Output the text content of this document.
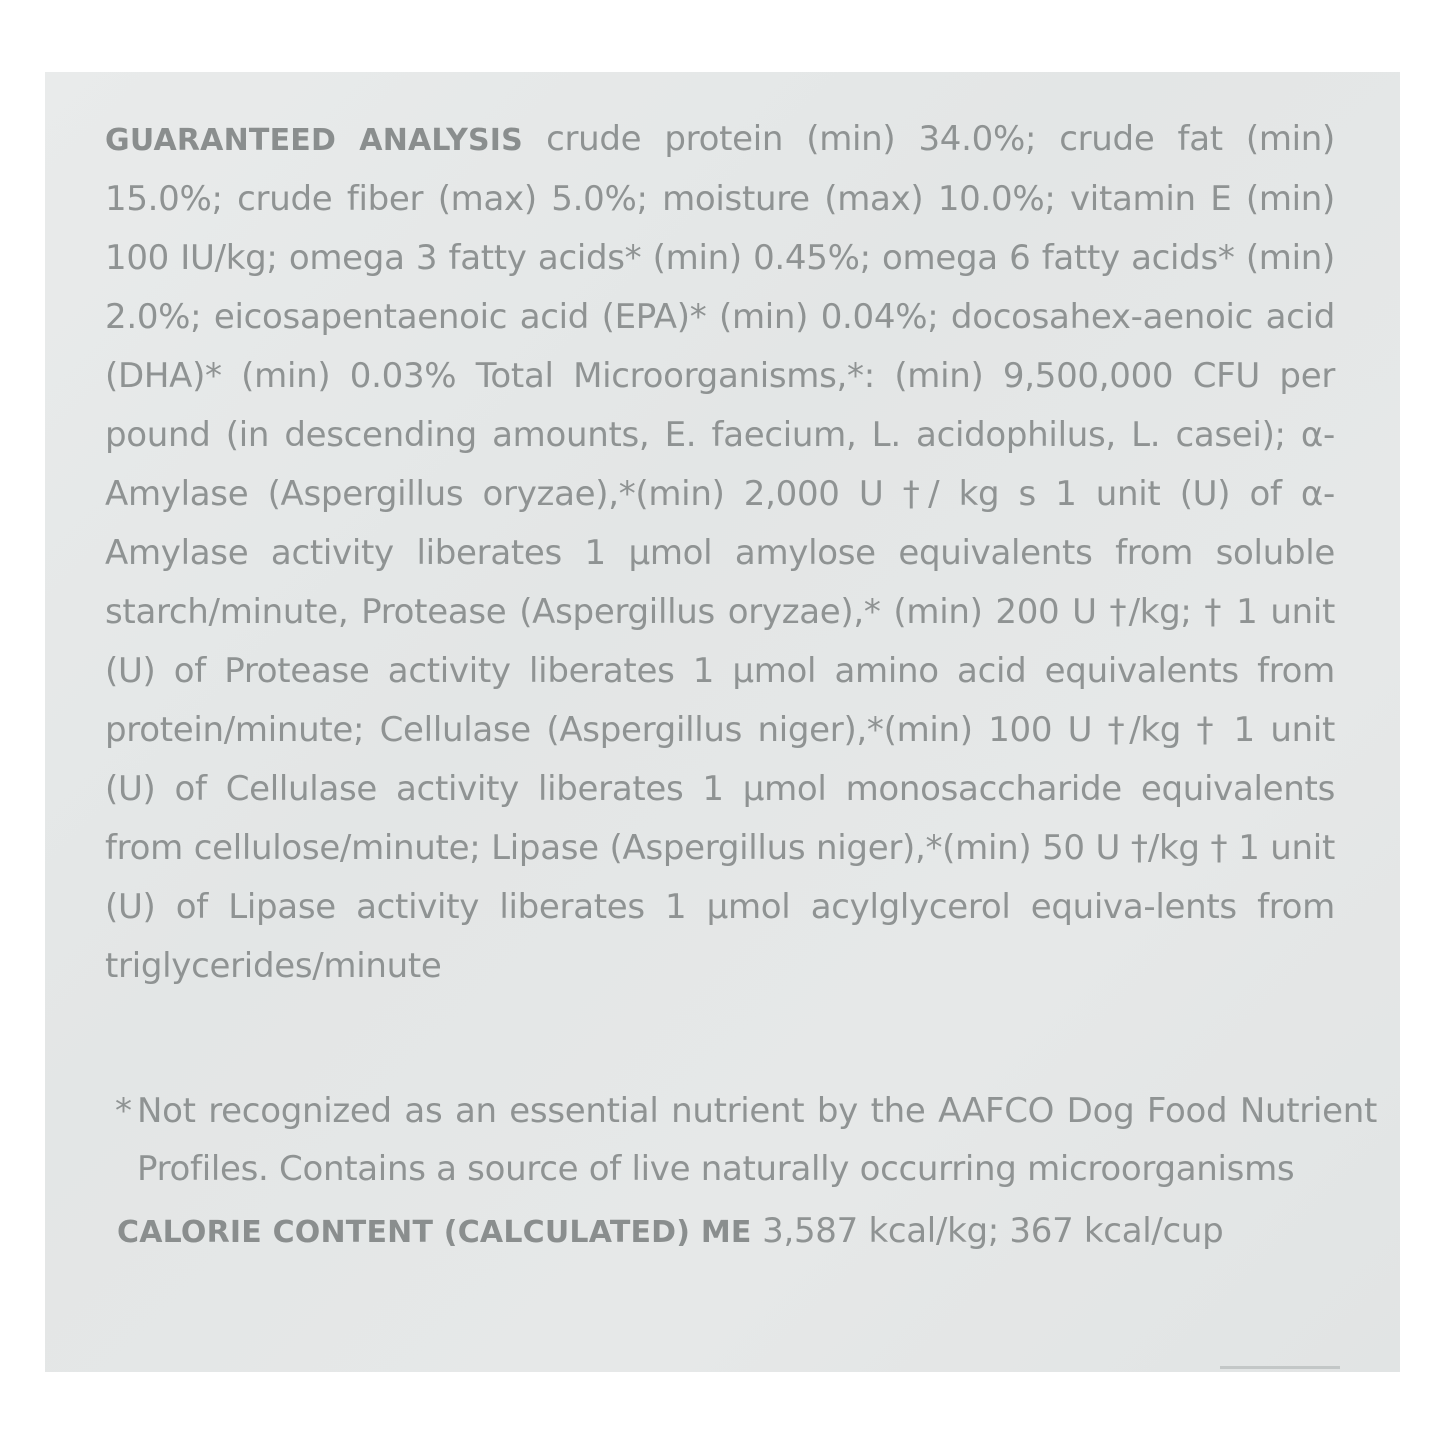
GUARANTEED ANALYSIS crude protein (min) 34.0%; crude fat (min) 15.0%; crude fiber (max) 5.0%; moisture (max) 10.0%; vitamin E (min) 100 IU/kg; omega 3 fatty acids* (min) 0.45%; omega 6 fatty acids* (min) 2.0%; eicosapentaenoic acid (EPA)* (min) 0.04%; docosahex-aenoic acid (DHA)* (min) 0.03% Total Microorganisms,*: (min) 9,500,000 CFU per pound (in descending amounts, E. faecium, L. acidophilus, L. casei); α-Amylase (Aspergillus oryzae),*(min) 2,000 U †/ kg s 1 unit (U) of α-Amylase activity liberates 1 µmol amylose equivalents from soluble starch/minute, Protease (Aspergillus oryzae),* (min) 200 U †/kg; † 1 unit (U) of Protease activity liberates 1 µmol amino acid equivalents from protein/minute; Cellulase (Aspergillus niger),*(min) 100 U †/kg † 1 unit (U) of Cellulase activity liberates 1 µmol monosaccharide equivalents from cellulose/minute; Lipase (Aspergillus niger),*(min) 50 U †/kg † 1 unit (U) of Lipase activity liberates 1 µmol acylglycerol equiva-lents from triglycerides/minute
* Not recognized as an essential nutrient by the AAFCO Dog Food Nutrient Profiles. Contains a source of live naturally occurring microorganisms
CALORIE CONTENT (CALCULATED) ME 3,587 kcal/kg; 367 kcal/cup
